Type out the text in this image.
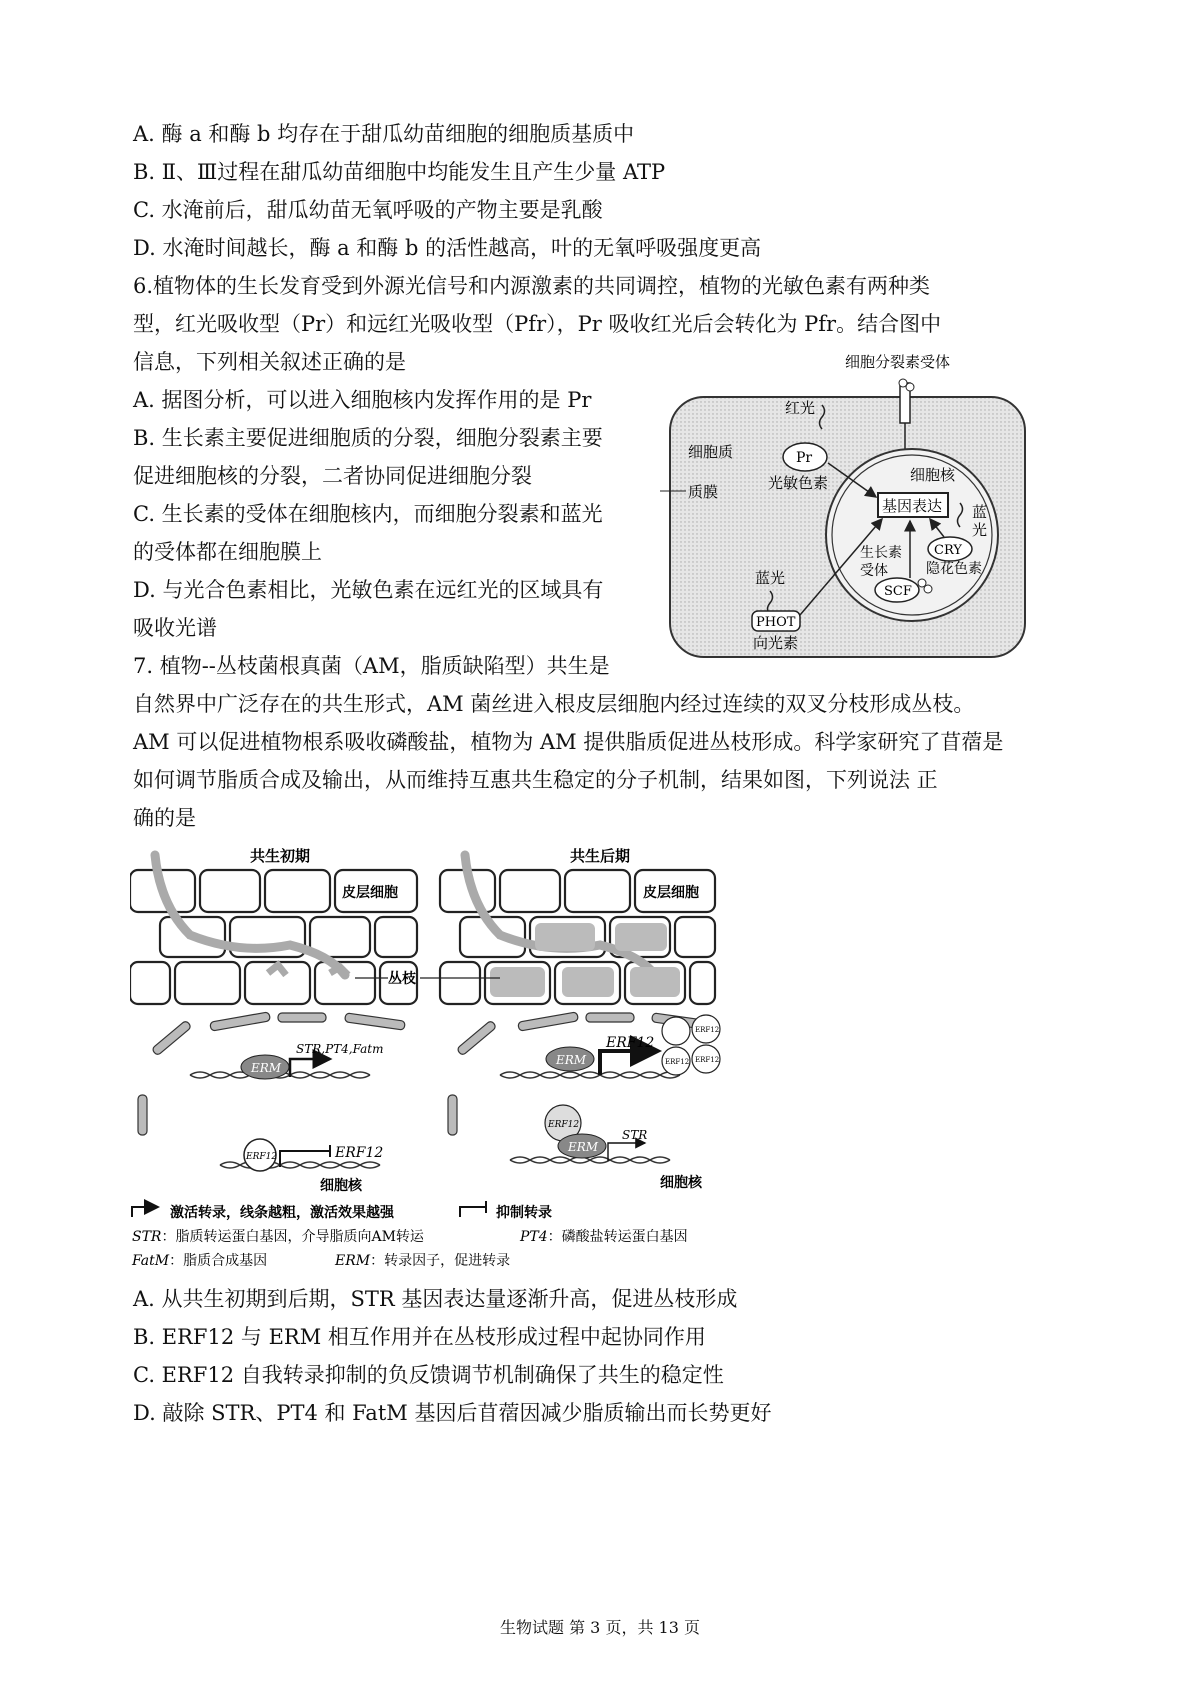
A. 酶 a 和酶 b 均存在于甜瓜幼苗细胞的细胞质基质中
B. Ⅱ、Ⅲ过程在甜瓜幼苗细胞中均能发生且产生少量 ATP
C. 水淹前后，甜瓜幼苗无氧呼吸的产物主要是乳酸
D. 水淹时间越长，酶 a 和酶 b 的活性越高，叶的无氧呼吸强度更高
6.植物体的生长发育受到外源光信号和内源激素的共同调控，植物的光敏色素有两种类
型，红光吸收型（Pr）和远红光吸收型（Pfr），Pr 吸收红光后会转化为 Pfr。结合图中
信息，下列相关叙述正确的是
A. 据图分析，可以进入细胞核内发挥作用的是 Pr
B. 生长素主要促进细胞质的分裂，细胞分裂素主要
促进细胞核的分裂，二者协同促进细胞分裂
C. 生长素的受体在细胞核内，而细胞分裂素和蓝光
的受体都在细胞膜上
D. 与光合色素相比，光敏色素在远红光的区域具有
吸收光谱
细胞分裂素受体
细胞核
基因表达
红光
Pr
光敏色素
细胞质
质膜
蓝
光
CRY
隐花色素
生长素
受体
SCF
蓝光
PHOT
向光素
7. 植物--丛枝菌根真菌（AM，脂质缺陷型）共生是
自然界中广泛存在的共生形式，AM 菌丝进入根皮层细胞内经过连续的双叉分枝形成丛枝。
AM 可以促进植物根系吸收磷酸盐，植物为 AM 提供脂质促进丛枝形成。科学家研究了苜蓿是
如何调节脂质合成及输出，从而维持互惠共生稳定的分子机制，结果如图，下列说法 正
确的是
共生初期	共生后期
皮层细胞	皮层细胞
丛枝
ERM
STR,PT4,Fatm
ERF12	ERF12
细胞核
ERM
ERF12
ERF12
ERF12 ERF12
ERF12
ERM
STR
细胞核
激活转录，线条越粗，激活效果越强	抑制转录
STR：脂质转运蛋白基因，介导脂质向AM转运	PT4：磷酸盐转运蛋白基因
FatM：脂质合成基因	ERM：转录因子，促进转录
A. 从共生初期到后期，STR 基因表达量逐渐升高，促进丛枝形成
B. ERF12 与 ERM 相互作用并在丛枝形成过程中起协同作用
C. ERF12 自我转录抑制的负反馈调节机制确保了共生的稳定性
D. 敲除 STR、PT4 和 FatM 基因后苜蓿因减少脂质输出而长势更好
生物试题 第 3 页，共 13 页
